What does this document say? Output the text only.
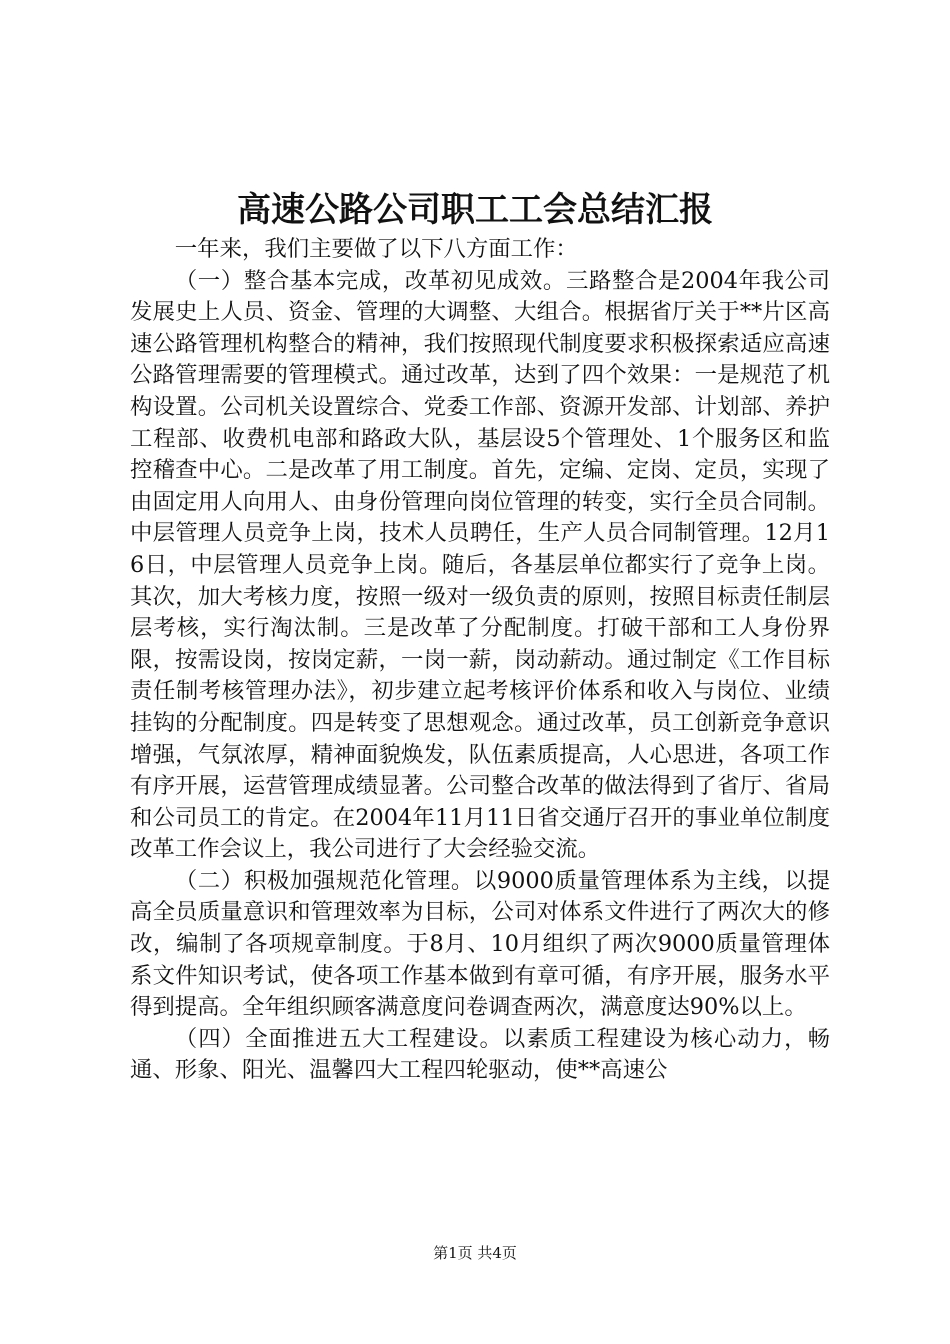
高速公路公司职工工会总结汇报

一年来，我们主要做了以下八方面工作：

（一）整合基本完成，改革初见成效。三路整合是2004年我公司发展史上人员、资金、管理的大调整、大组合。根据省厅关于**片区高速公路管理机构整合的精神，我们按照现代制度要求积极探索适应高速公路管理需要的管理模式。通过改革，达到了四个效果：一是规范了机构设置。公司机关设置综合、党委工作部、资源开发部、计划部、养护工程部、收费机电部和路政大队，基层设5个管理处、1个服务区和监控稽查中心。二是改革了用工制度。首先，定编、定岗、定员，实现了由固定用人向用人、由身份管理向岗位管理的转变，实行全员合同制。中层管理人员竞争上岗，技术人员聘任，生产人员合同制管理。12月16日，中层管理人员竞争上岗。随后，各基层单位都实行了竞争上岗。其次，加大考核力度，按照一级对一级负责的原则，按照目标责任制层层考核，实行淘汰制。三是改革了分配制度。打破干部和工人身份界限，按需设岗，按岗定薪，一岗一薪，岗动薪动。通过制定《工作目标责任制考核管理办法》，初步建立起考核评价体系和收入与岗位、业绩挂钩的分配制度。四是转变了思想观念。通过改革，员工创新竞争意识增强，气氛浓厚，精神面貌焕发，队伍素质提高，人心思进，各项工作有序开展，运营管理成绩显著。公司整合改革的做法得到了省厅、省局和公司员工的肯定。在2004年11月11日省交通厅召开的事业单位制度改革工作会议上，我公司进行了大会经验交流。

（二）积极加强规范化管理。以9000质量管理体系为主线，以提高全员质量意识和管理效率为目标，公司对体系文件进行了两次大的修改，编制了各项规章制度。于8月、10月组织了两次9000质量管理体系文件知识考试，使各项工作基本做到有章可循，有序开展，服务水平得到提高。全年组织顾客满意度问卷调查两次，满意度达90%以上。

（四）全面推进五大工程建设。以素质工程建设为核心动力，畅通、形象、阳光、温馨四大工程四轮驱动，使**高速公

第1页 共4页
